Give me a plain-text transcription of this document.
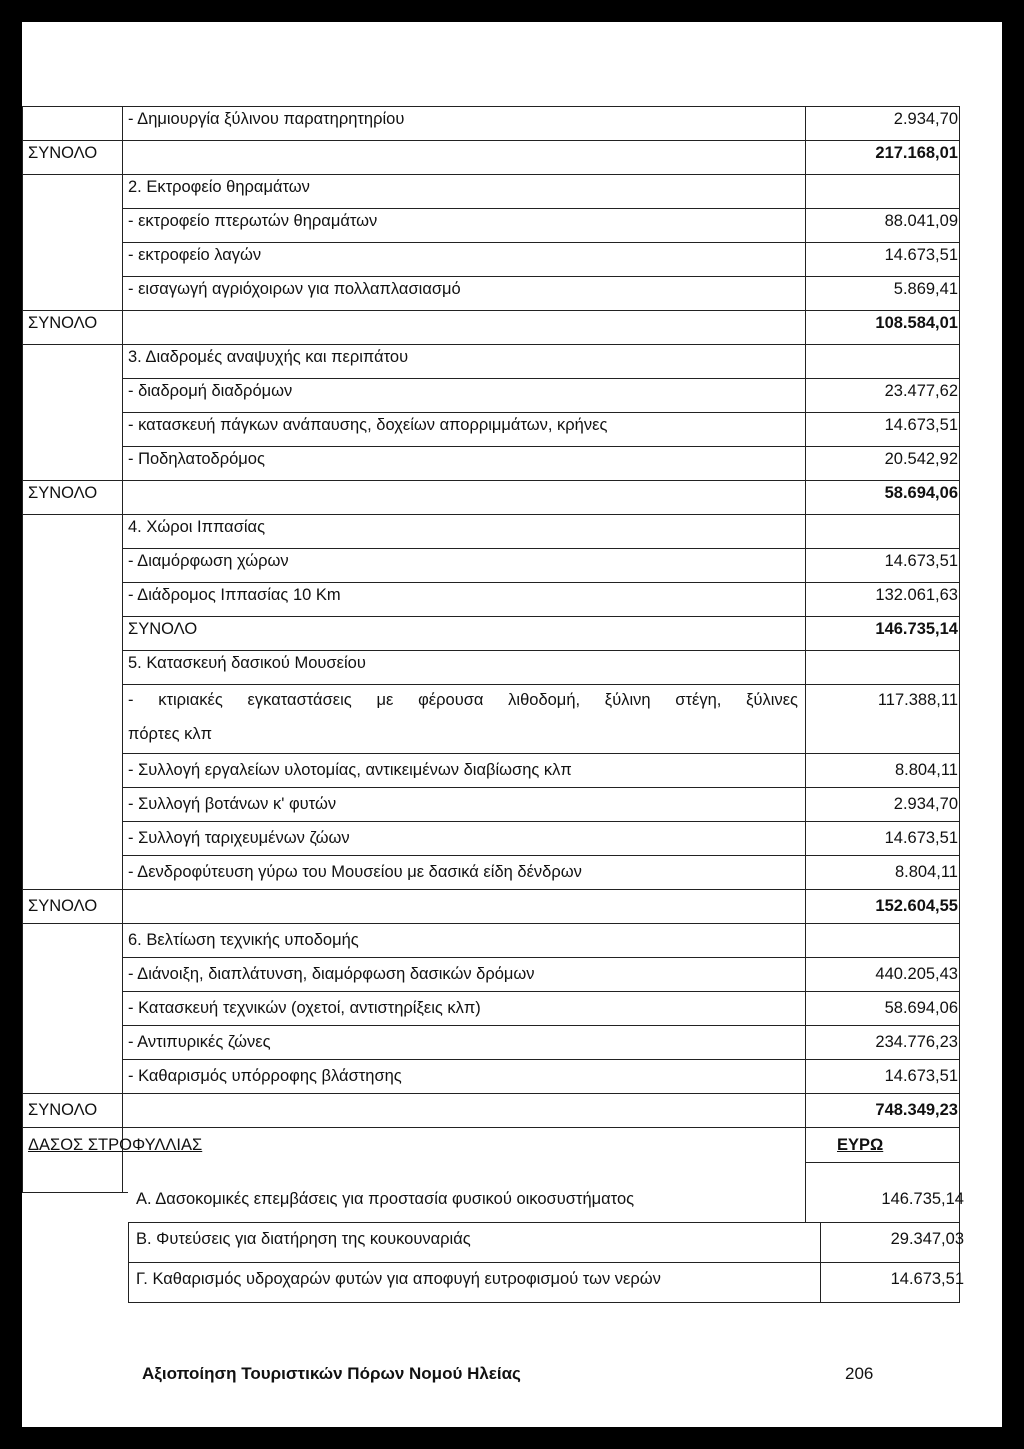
- Δημιουργία ξύλινου παρατηρητηρίου	2.934,70
ΣΥΝΟΛΟ	217.168,01
2. Εκτροφείο θηραμάτων
- εκτροφείο πτερωτών θηραμάτων	88.041,09
- εκτροφείο λαγών	14.673,51
- εισαγωγή αγριόχοιρων για πολλαπλασιασμό	5.869,41
ΣΥΝΟΛΟ	108.584,01
3. Διαδρομές αναψυχής και περιπάτου
- διαδρομή διαδρόμων	23.477,62
- κατασκευή πάγκων ανάπαυσης, δοχείων απορριμμάτων, κρήνες	14.673,51
- Ποδηλατοδρόμος	20.542,92
ΣΥΝΟΛΟ	58.694,06
4. Χώροι Ιππασίας
- Διαμόρφωση χώρων	14.673,51
- Διάδρομος Ιππασίας 10 Km	132.061,63
ΣΥΝΟΛΟ	146.735,14
5. Κατασκευή δασικού Μουσείου
- κτιριακές εγκαταστάσεις με φέρουσα λιθοδομή, ξύλινη στέγη, ξύλινες	117.388,11
πόρτες κλπ
- Συλλογή εργαλείων υλοτομίας, αντικειμένων διαβίωσης κλπ	8.804,11
- Συλλογή βοτάνων κ' φυτών	2.934,70
- Συλλογή ταριχευμένων ζώων	14.673,51
- Δενδροφύτευση γύρω του Μουσείου με δασικά είδη δένδρων	8.804,11
ΣΥΝΟΛΟ	152.604,55
6. Βελτίωση τεχνικής υποδομής
- Διάνοιξη, διαπλάτυνση, διαμόρφωση δασικών δρόμων	440.205,43
- Κατασκευή τεχνικών (οχετοί, αντιστηρίξεις κλπ)	58.694,06
- Αντιπυρικές ζώνες	234.776,23
- Καθαρισμός υπόρροφης βλάστησης	14.673,51
ΣΥΝΟΛΟ	748.349,23
ΔΑΣΟΣ ΣΤΡΟΦΥΛΛΙΑΣ	ΕΥΡΩ
Αξιοποίηση Τουριστικών Πόρων Νομού Ηλείας	206
Α. Δασοκομικές επεμβάσεις για προστασία φυσικού οικοσυστήματος	146.735,14
Β. Φυτεύσεις για διατήρηση της κουκουναριάς	29.347,03
Γ. Καθαρισμός υδροχαρών φυτών για αποφυγή ευτροφισμού των νερών	14.673,51
